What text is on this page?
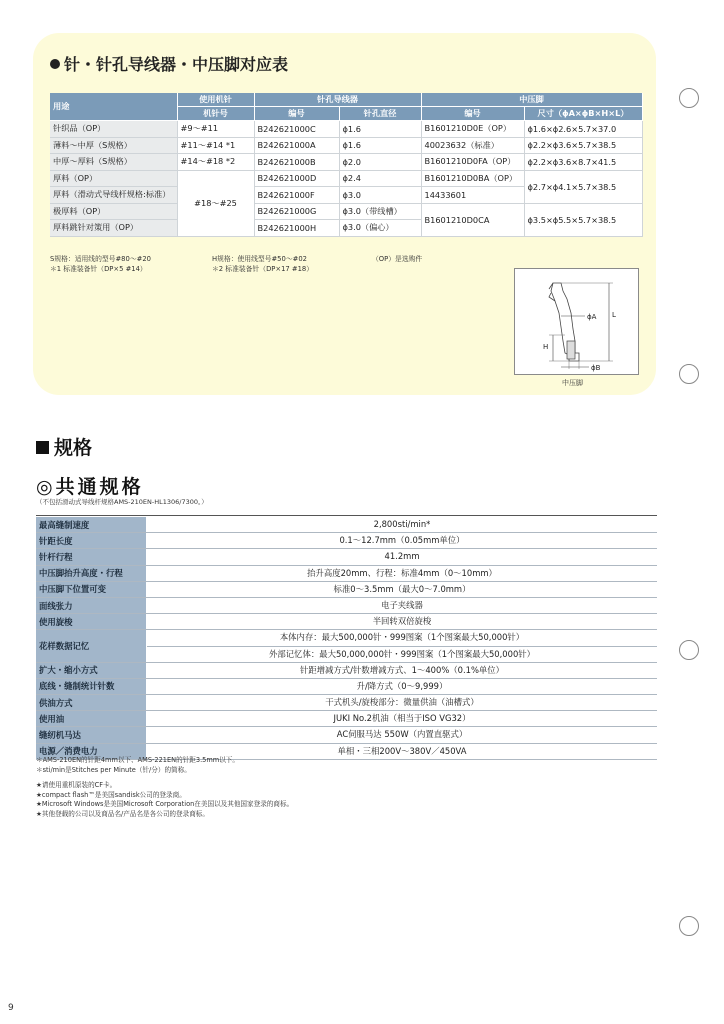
针・针孔导线器・中压脚对应表
用途	使用机针	针孔导线器		中压脚	
	机针号	编号	针孔直径	编号	尺寸（ϕA×ϕB×H×L）
针织品（OP）	#9～#11	B242621000C	ϕ1.6	B1601210D0E（OP）	ϕ1.6×ϕ2.6×5.7×37.0
薄料～中厚（S规格）	#11～#14 *1	B242621000A	ϕ1.6	40023632（标准）	ϕ2.2×ϕ3.6×5.7×38.5
中厚～厚料（S规格）	#14～#18 *2	B242621000B	ϕ2.0	B1601210D0FA（OP）	ϕ2.2×ϕ3.6×8.7×41.5
厚料（OP）	#18～#25	B242621000D	ϕ2.4	B1601210D0BA（OP）	ϕ2.7×ϕ4.1×5.7×38.5
厚料（滑动式导线杆规格:标准）		B242621000F	ϕ3.0	14433601	
极厚料（OP）		B242621000G	ϕ3.0（带线槽）	B1601210D0CA	ϕ3.5×ϕ5.5×5.7×38.5
厚料跳针对策用（OP）		B242621000H	ϕ3.0（偏心）		
S规格：适用线的型号#80～#20
＊1 标准装备针（DP×5 #14）
H规格：使用线型号#50～#02
＊2 标准装备针（DP×17 #18）
（OP）是选购件
ϕA L
H
ϕB
中压脚
规格
◎共通规格
（不包括滑动式导线杆规格AMS-210EN-HL1306/7300。）
最高缝制速度	2,800sti/min*
针距长度	0.1～12.7mm（0.05mm单位）
针杆行程	41.2mm
中压脚抬升高度・行程	抬升高度20mm、行程：标准4mm（0～10mm）
中压脚下位置可变	标准0～3.5mm（最大0～7.0mm）
面线张力	电子夹线器
使用旋梭	半回转双倍旋梭
花样数据记忆
本体内存：最大500,000针・999图案（1个图案最大50,000针）
外部记忆体：最大50,000,000针・999图案（1个图案最大50,000针）
扩大・缩小方式	针距增减方式/针数增减方式、1～400%（0.1%单位）
底线・缝制统计针数	升/降方式（0～9,999）
供油方式	干式机头/旋梭部分：微量供油（油槽式）
使用油	JUKI No.2机油（相当于ISO VG32）
缝纫机马达	AC伺服马达 550W（内置直驱式）
电源／消费电力	单相・三相200V～380V／450VA
＊AMS-210EN的针距4mm以下、AMS-221EN的针距3.5mm以下。
＊sti/min是Stitches per Minute（针/分）的简称。
★请使用重机原装的CF卡。
★compact flash™是美国sandisk公司的登录商。
★Microsoft Windows是美国Microsoft Corporation在美国以及其他国家登录的商标。
★其他登载的公司以及商品名/产品名是各公司的登录商标。
9
